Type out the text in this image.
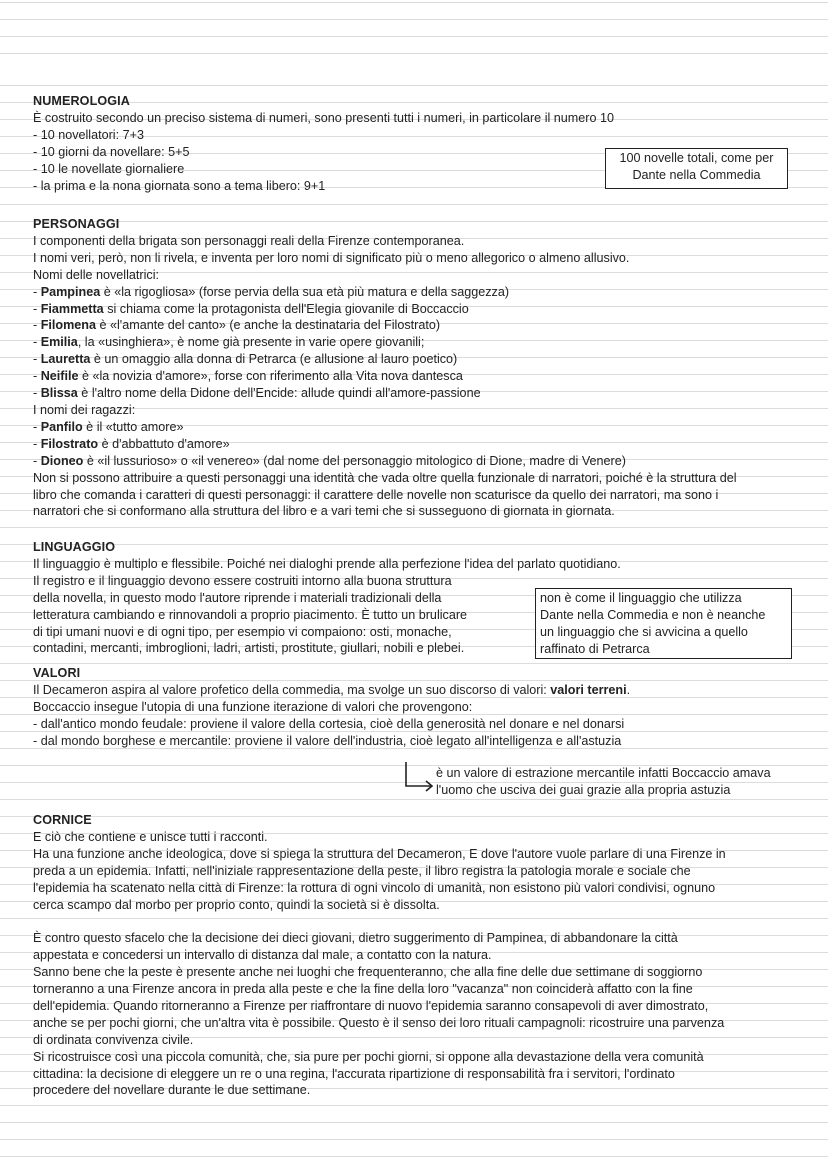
NUMEROLOGIA
È costruito secondo un preciso sistema di numeri, sono presenti tutti i numeri, in particolare il numero 10
- 10 novellatori: 7+3
- 10 giorni da novellare: 5+5
- 10 le novellate giornaliere
- la prima e la nona giornata sono a tema libero: 9+1
100 novelle totali, come per
Dante nella Commedia
PERSONAGGI
I componenti della brigata son personaggi reali della Firenze contemporanea.
I nomi veri, però, non li rivela, e inventa per loro nomi di significato più o meno allegorico o almeno allusivo.
Nomi delle novellatrici:
- Pampinea è «la rigogliosa» (forse pervia della sua età più matura e della saggezza)
- Fiammetta si chiama come la protagonista dell'Elegia giovanile di Boccaccio
- Filomena è «l'amante del canto» (e anche la destinataria del Filostrato)
- Emilia, la «usinghiera», è nome già presente in varie opere giovanili;
- Lauretta è un omaggio alla donna di Petrarca (e allusione al lauro poetico)
- Neifile è «la novizia d'amore», forse con riferimento alla Vita nova dantesca
- Blissa è l'altro nome della Didone dell'Encide: allude quindi all'amore-passione
I nomi dei ragazzi:
- Panfilo è il «tutto amore»
- Filostrato è d'abbattuto d'amore»
- Dioneo è «il lussurioso» o «il venereo» (dal nome del personaggio mitologico di Dione, madre di Venere)
Non si possono attribuire a questi personaggi una identità che vada oltre quella funzionale di narratori, poiché è la struttura del
libro che comanda i caratteri di questi personaggi: il carattere delle novelle non scaturisce da quello dei narratori, ma sono i
narratori che si conformano alla struttura del libro e a vari temi che si susseguono di giornata in giornata.
LINGUAGGIO
Il linguaggio è multiplo e flessibile. Poiché nei dialoghi prende alla perfezione l'idea del parlato quotidiano.
Il registro e il linguaggio devono essere costruiti intorno alla buona struttura
della novella, in questo modo l'autore riprende i materiali tradizionali della
letteratura cambiando e rinnovandoli a proprio piacimento. È tutto un brulicare
di tipi umani nuovi e di ogni tipo, per esempio vi compaiono: osti, monache,
contadini, mercanti, imbroglioni, ladri, artisti, prostitute, giullari, nobili e plebei.
non è come il linguaggio che utilizza
Dante nella Commedia e non è neanche
un linguaggio che si avvicina a quello
raffinato di Petrarca
VALORI
Il Decameron aspira al valore profetico della commedia, ma svolge un suo discorso di valori: valori terreni.
Boccaccio insegue l'utopia di una funzione iterazione di valori che provengono:
- dall'antico mondo feudale: proviene il valore della cortesia, cioè della generosità nel donare e nel donarsi
- dal mondo borghese e mercantile: proviene il valore dell'industria, cioè legato all'intelligenza e all'astuzia
è un valore di estrazione mercantile infatti Boccaccio amava
l'uomo che usciva dei guai grazie alla propria astuzia
CORNICE
E ciò che contiene e unisce tutti i racconti.
Ha una funzione anche ideologica, dove si spiega la struttura del Decameron, E dove l'autore vuole parlare di una Firenze in
preda a un epidemia. Infatti, nell'iniziale rappresentazione della peste, il libro registra la patologia morale e sociale che
l'epidemia ha scatenato nella città di Firenze: la rottura di ogni vincolo di umanità, non esistono più valori condivisi, ognuno
cerca scampo dal morbo per proprio conto, quindi la società si è dissolta.
È contro questo sfacelo che la decisione dei dieci giovani, dietro suggerimento di Pampinea, di abbandonare la città
appestata e concedersi un intervallo di distanza dal male, a contatto con la natura.
Sanno bene che la peste è presente anche nei luoghi che frequenteranno, che alla fine delle due settimane di soggiorno
torneranno a una Firenze ancora in preda alla peste e che la fine della loro "vacanza" non coinciderà affatto con la fine
dell'epidemia. Quando ritorneranno a Firenze per riaffrontare di nuovo l'epidemia saranno consapevoli di aver dimostrato,
anche se per pochi giorni, che un'altra vita è possibile. Questo è il senso dei loro rituali campagnoli: ricostruire una parvenza
di ordinata convivenza civile.
Si ricostruisce così una piccola comunità, che, sia pure per pochi giorni, si oppone alla devastazione della vera comunità
cittadina: la decisione di eleggere un re o una regina, l'accurata ripartizione di responsabilità fra i servitori, l'ordinato
procedere del novellare durante le due settimane.
